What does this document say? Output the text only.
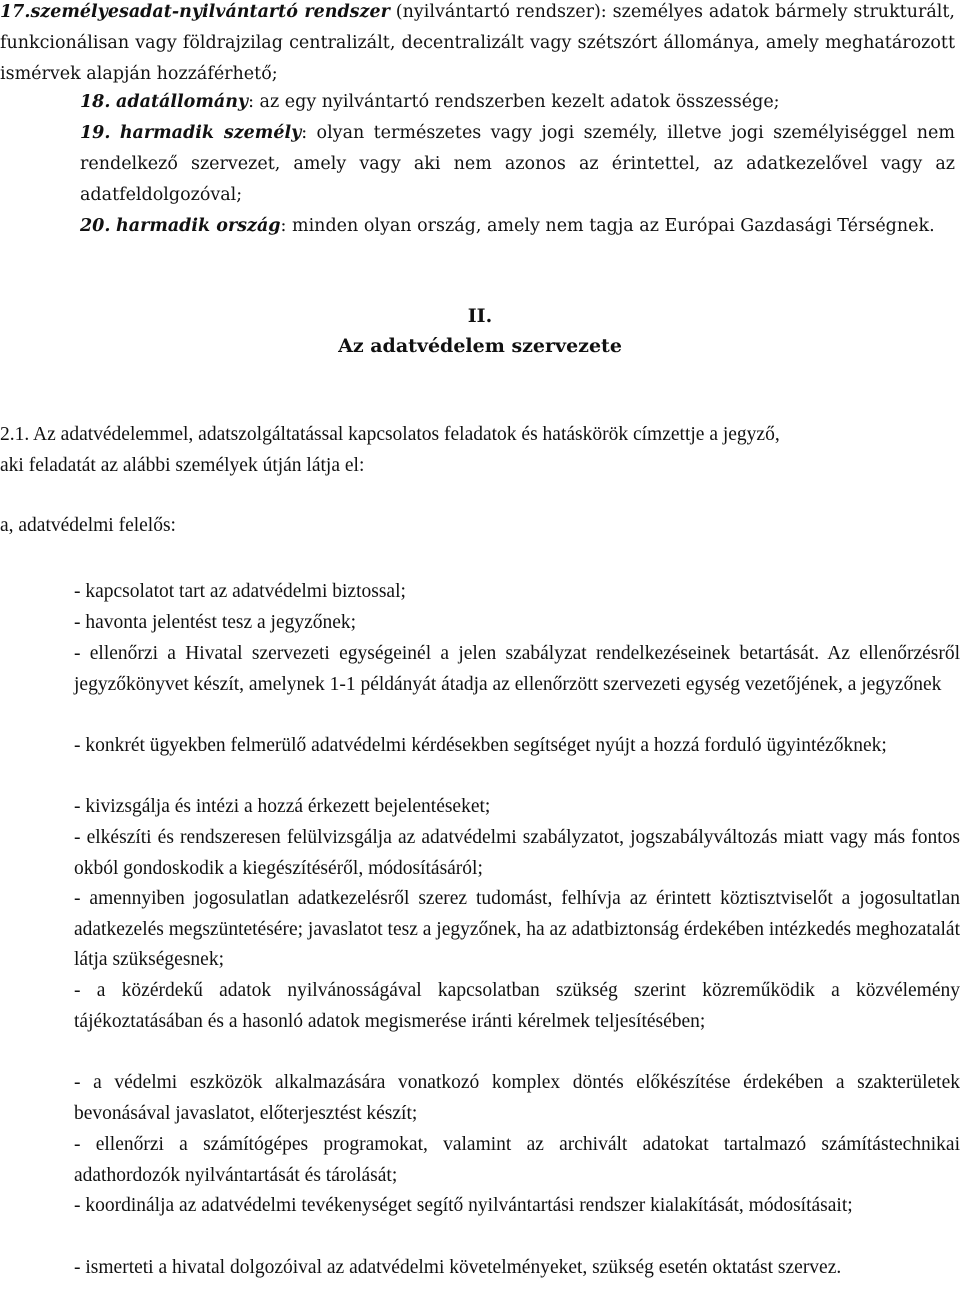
17.személyesadat-nyilvántartó rendszer (nyilvántartó rendszer): személyes adatok bármely strukturált, funkcionálisan vagy földrajzilag centralizált, decentralizált vagy szétszórt állománya, amely meghatározott ismérvek alapján hozzáférhető;
18. adatállomány: az egy nyilvántartó rendszerben kezelt adatok összessége;
19. harmadik személy: olyan természetes vagy jogi személy, illetve jogi személyiséggel nem rendelkező szervezet, amely vagy aki nem azonos az érintettel, az adatkezelővel vagy az adatfeldolgozóval;
20. harmadik ország: minden olyan ország, amely nem tagja az Európai Gazdasági Térségnek.
II.
Az adatvédelem szervezete
2.1. Az adatvédelemmel, adatszolgáltatással kapcsolatos feladatok és hatáskörök címzettje a jegyző,
aki feladatát az alábbi személyek útján látja el:
a, adatvédelmi felelős:
- kapcsolatot tart az adatvédelmi biztossal;
- havonta jelentést tesz a jegyzőnek;
- ellenőrzi a Hivatal szervezeti egységeinél a jelen szabályzat rendelkezéseinek betartását. Az ellenőrzésről jegyzőkönyvet készít, amelynek 1-1 példányát átadja az ellenőrzött szervezeti egység vezetőjének, a jegyzőnek
- konkrét ügyekben felmerülő adatvédelmi kérdésekben segítséget nyújt a hozzá forduló ügyintézőknek;
- kivizsgálja és intézi a hozzá érkezett bejelentéseket;
- elkészíti és rendszeresen felülvizsgálja az adatvédelmi szabályzatot, jogszabályváltozás miatt vagy más fontos okból gondoskodik a kiegészítéséről, módosításáról;
- amennyiben jogosulatlan adatkezelésről szerez tudomást, felhívja az érintett köztisztviselőt a jogosultatlan adatkezelés megszüntetésére; javaslatot tesz a jegyzőnek, ha az adatbiztonság érdekében intézkedés meghozatalát látja szükségesnek;
- a közérdekű adatok nyilvánosságával kapcsolatban szükség szerint közreműködik a közvélemény tájékoztatásában és a hasonló adatok megismerése iránti kérelmek teljesítésében;
- a védelmi eszközök alkalmazására vonatkozó komplex döntés előkészítése érdekében a szakterületek bevonásával javaslatot, előterjesztést készít;
- ellenőrzi a számítógépes programokat, valamint az archivált adatokat tartalmazó számítástechnikai adathordozók nyilvántartását és tárolását;
- koordinálja az adatvédelmi tevékenységet segítő nyilvántartási rendszer kialakítását, módosításait;
- ismerteti a hivatal dolgozóival az adatvédelmi követelményeket, szükség esetén oktatást szervez.
